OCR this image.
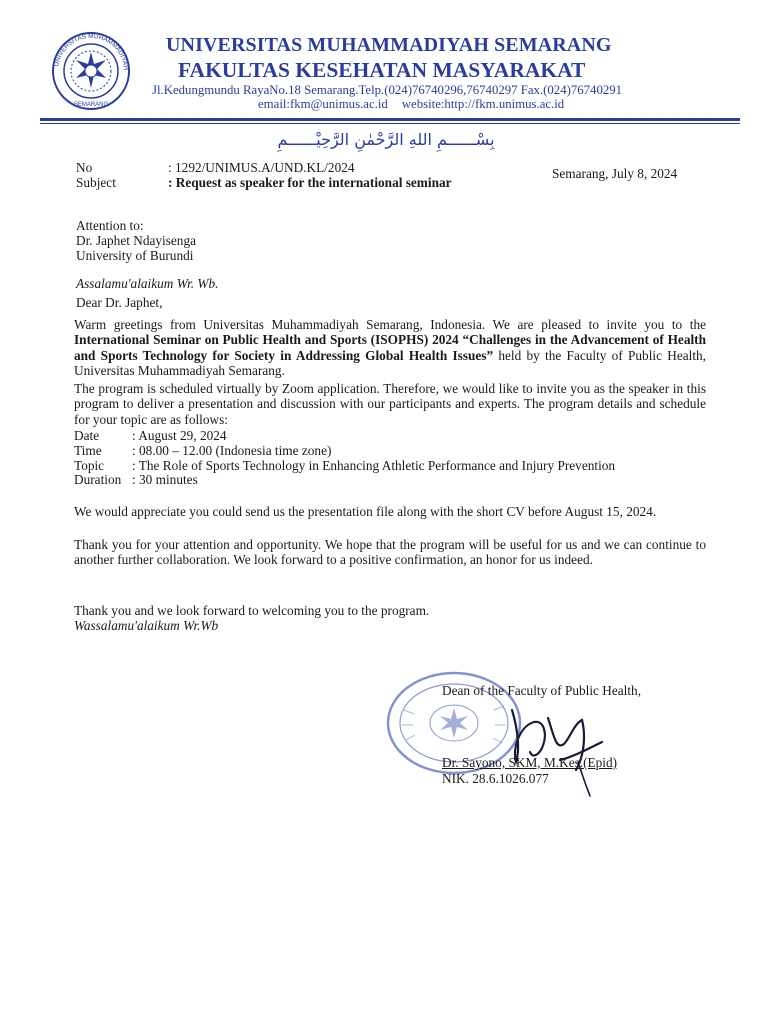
UNIVERSITAS MUHAMMADIYAH
SEMARANG
UNIVERSITAS MUHAMMADIYAH SEMARANG
FAKULTAS KESEHATAN MASYARAKAT
Jl.Kedungmundu RayaNo.18 Semarang.Telp.(024)76740296,76740297 Fax.(024)76740291
email:fkm@unimus.ac.id website:http://fkm.unimus.ac.id
بِسْــــــمِ اللهِ الرَّحْمٰنِ الرَّحِيْــــــمِ
No	: 1292/UNIMUS.A/UND.KL/2024
Subject	: Request as speaker for the international seminar
Semarang, July 8, 2024
Attention to:
Dr. Japhet Ndayisenga
University of Burundi
Assalamu'alaikum Wr. Wb.
Dear Dr. Japhet,
Warm greetings from Universitas Muhammadiyah Semarang, Indonesia. We are pleased to invite you to the International Seminar on Public Health and Sports (ISOPHS) 2024 “Challenges in the Advancement of Health and Sports Technology for Society in Addressing Global Health Issues” held by the Faculty of Public Health, Universitas Muhammadiyah Semarang.
The program is scheduled virtually by Zoom application. Therefore, we would like to invite you as the speaker in this program to deliver a presentation and discussion with our participants and experts. The program details and schedule for your topic are as follows:
Date : August 29, 2024
Time : 08.00 – 12.00 (Indonesia time zone)
Topic : The Role of Sports Technology in Enhancing Athletic Performance and Injury Prevention
Duration : 30 minutes
We would appreciate you could send us the presentation file along with the short CV before August 15, 2024.
Thank you for your attention and opportunity. We hope that the program will be useful for us and we can continue to another further collaboration. We look forward to a positive confirmation, an honor for us indeed.
Thank you and we look forward to welcoming you to the program.
Wassalamu'alaikum Wr.Wb
Dean of the Faculty of Public Health,
Dr. Sayono, SKM, M.Kes.(Epid)
NIK. 28.6.1026.077
